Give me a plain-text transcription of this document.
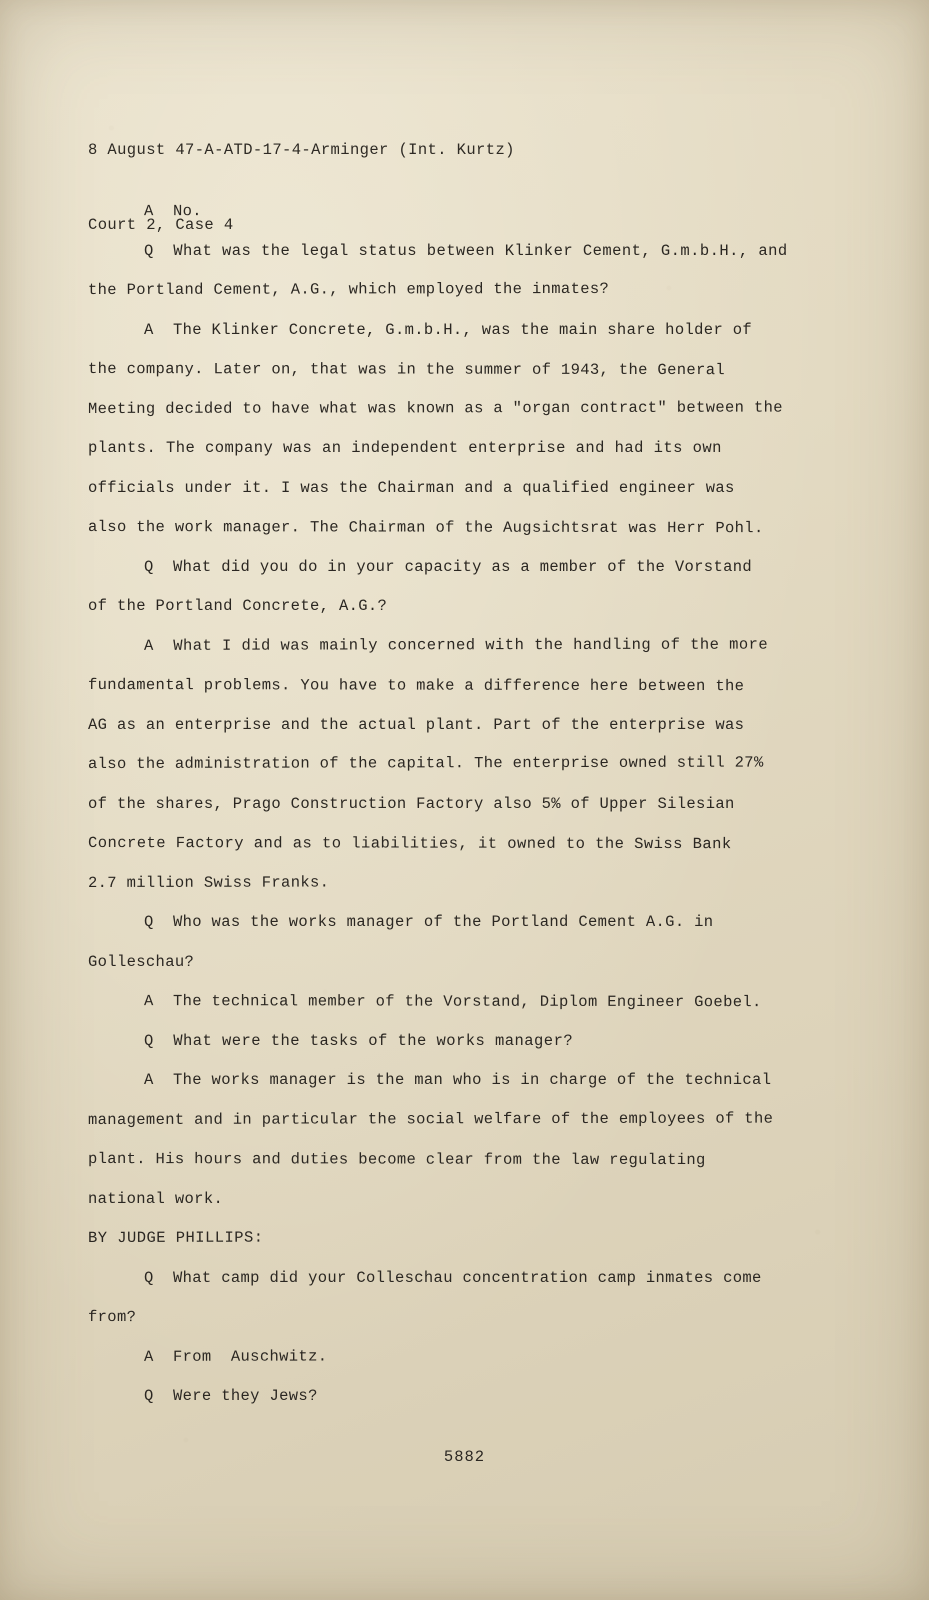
8 August 47-A-ATD-17-4-Arminger (Int. Kurtz)

Court 2, Case 4

A  No.
Q  What was the legal status between Klinker Cement, G.m.b.H., and
the Portland Cement, A.G., which employed the inmates?
A  The Klinker Concrete, G.m.b.H., was the main share holder of
the company. Later on, that was in the summer of 1943, the General
Meeting decided to have what was known as a "organ contract" between the
plants. The company was an independent enterprise and had its own
officials under it. I was the Chairman and a qualified engineer was
also the work manager. The Chairman of the Augsichtsrat was Herr Pohl.
Q  What did you do in your capacity as a member of the Vorstand
of the Portland Concrete, A.G.?
A  What I did was mainly concerned with the handling of the more
fundamental problems. You have to make a difference here between the
AG as an enterprise and the actual plant. Part of the enterprise was
also the administration of the capital. The enterprise owned still 27%
of the shares, Prago Construction Factory also 5% of Upper Silesian
Concrete Factory and as to liabilities, it owned to the Swiss Bank
2.7 million Swiss Franks.
Q  Who was the works manager of the Portland Cement A.G. in
Golleschau?
A  The technical member of the Vorstand, Diplom Engineer Goebel.
Q  What were the tasks of the works manager?
A  The works manager is the man who is in charge of the technical
management and in particular the social welfare of the employees of the
plant. His hours and duties become clear from the law regulating
national work.
BY JUDGE PHILLIPS:
Q  What camp did your Colleschau concentration camp inmates come
from?
A  From  Auschwitz.
Q  Were they Jews?
5882
